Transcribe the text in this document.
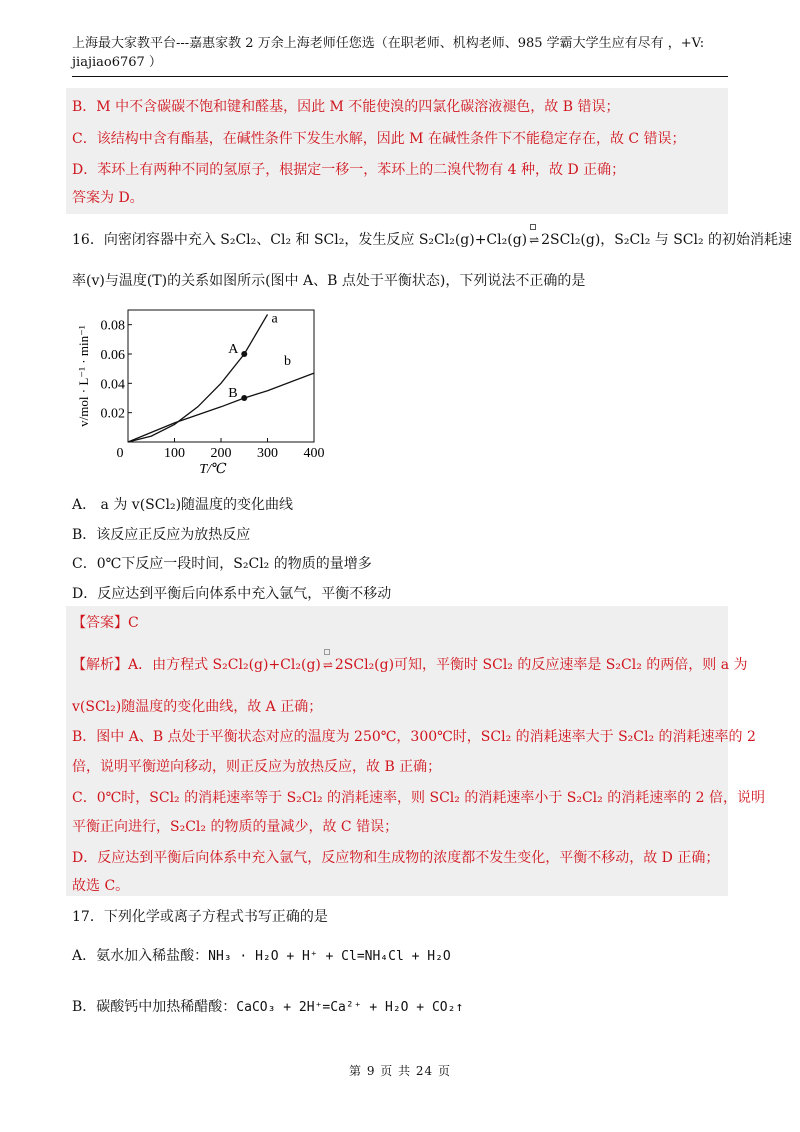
上海最大家教平台---嘉惠家教 2 万余上海老师任您选（在职老师、机构老师、985 学霸大学生应有尽有 ，+V:
jiajiao6767 ）
B．M 中不含碳碳不饱和键和醛基，因此 M 不能使溴的四氯化碳溶液褪色，故 B 错误；
C．该结构中含有酯基，在碱性条件下发生水解，因此 M 在碱性条件下不能稳定存在，故 C 错误；
D．苯环上有两种不同的氢原子，根据定一移一，苯环上的二溴代物有 4 种，故 D 正确；
答案为 D。
16．向密闭容器中充入 S₂Cl₂、Cl₂ 和 SCl₂，发生反应 S₂Cl₂(g)+Cl₂(g) ⇌ 2SCl₂(g)，S₂Cl₂ 与 SCl₂ 的初始消耗速
率(v)与温度(T)的关系如图所示(图中 A、B 点处于平衡状态)，下列说法不正确的是
0	100 200 300 400
0.02
0.04
0.06
0.08
T/℃
v/mol · L⁻¹ · min⁻¹
a
b
A
B
A． a 为 v(SCl₂)随温度的变化曲线
B．该反应正反应为放热反应
C．0℃下反应一段时间，S₂Cl₂ 的物质的量增多
D．反应达到平衡后向体系中充入氩气，平衡不移动
【答案】C
【解析】A．由方程式 S₂Cl₂(g)+Cl₂(g) ⇌ 2SCl₂(g)可知，平衡时 SCl₂ 的反应速率是 S₂Cl₂ 的两倍，则 a 为
v(SCl₂)随温度的变化曲线，故 A 正确；
B．图中 A、B 点处于平衡状态对应的温度为 250℃，300℃时，SCl₂ 的消耗速率大于 S₂Cl₂ 的消耗速率的 2
倍，说明平衡逆向移动，则正反应为放热反应，故 B 正确；
C．0℃时，SCl₂ 的消耗速率等于 S₂Cl₂ 的消耗速率，则 SCl₂ 的消耗速率小于 S₂Cl₂ 的消耗速率的 2 倍，说明
平衡正向进行，S₂Cl₂ 的物质的量减少，故 C 错误；
D．反应达到平衡后向体系中充入氩气，反应物和生成物的浓度都不发生变化，平衡不移动，故 D 正确；
故选 C。
17．下列化学或离子方程式书写正确的是
A．氨水加入稀盐酸：NH₃ · H₂O + H⁺ + Cl=NH₄Cl + H₂O
B．碳酸钙中加热稀醋酸：CaCO₃ + 2H⁺=Ca²⁺ + H₂O + CO₂↑
第 9 页 共 24 页
